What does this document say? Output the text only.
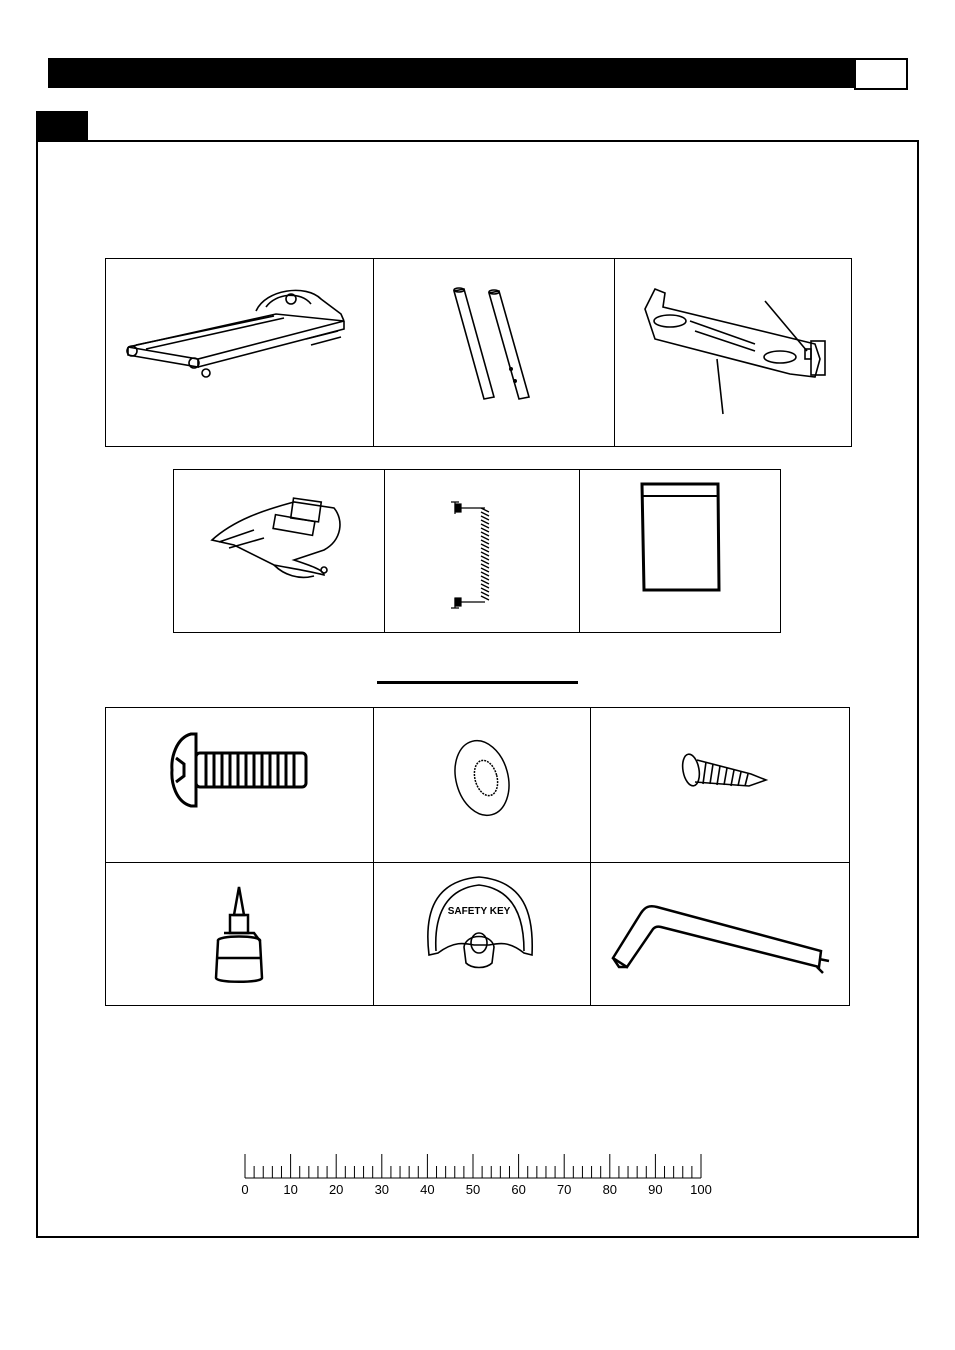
SAFETY KEY

0	10 20 30 40 50 60 70 80 90 100
